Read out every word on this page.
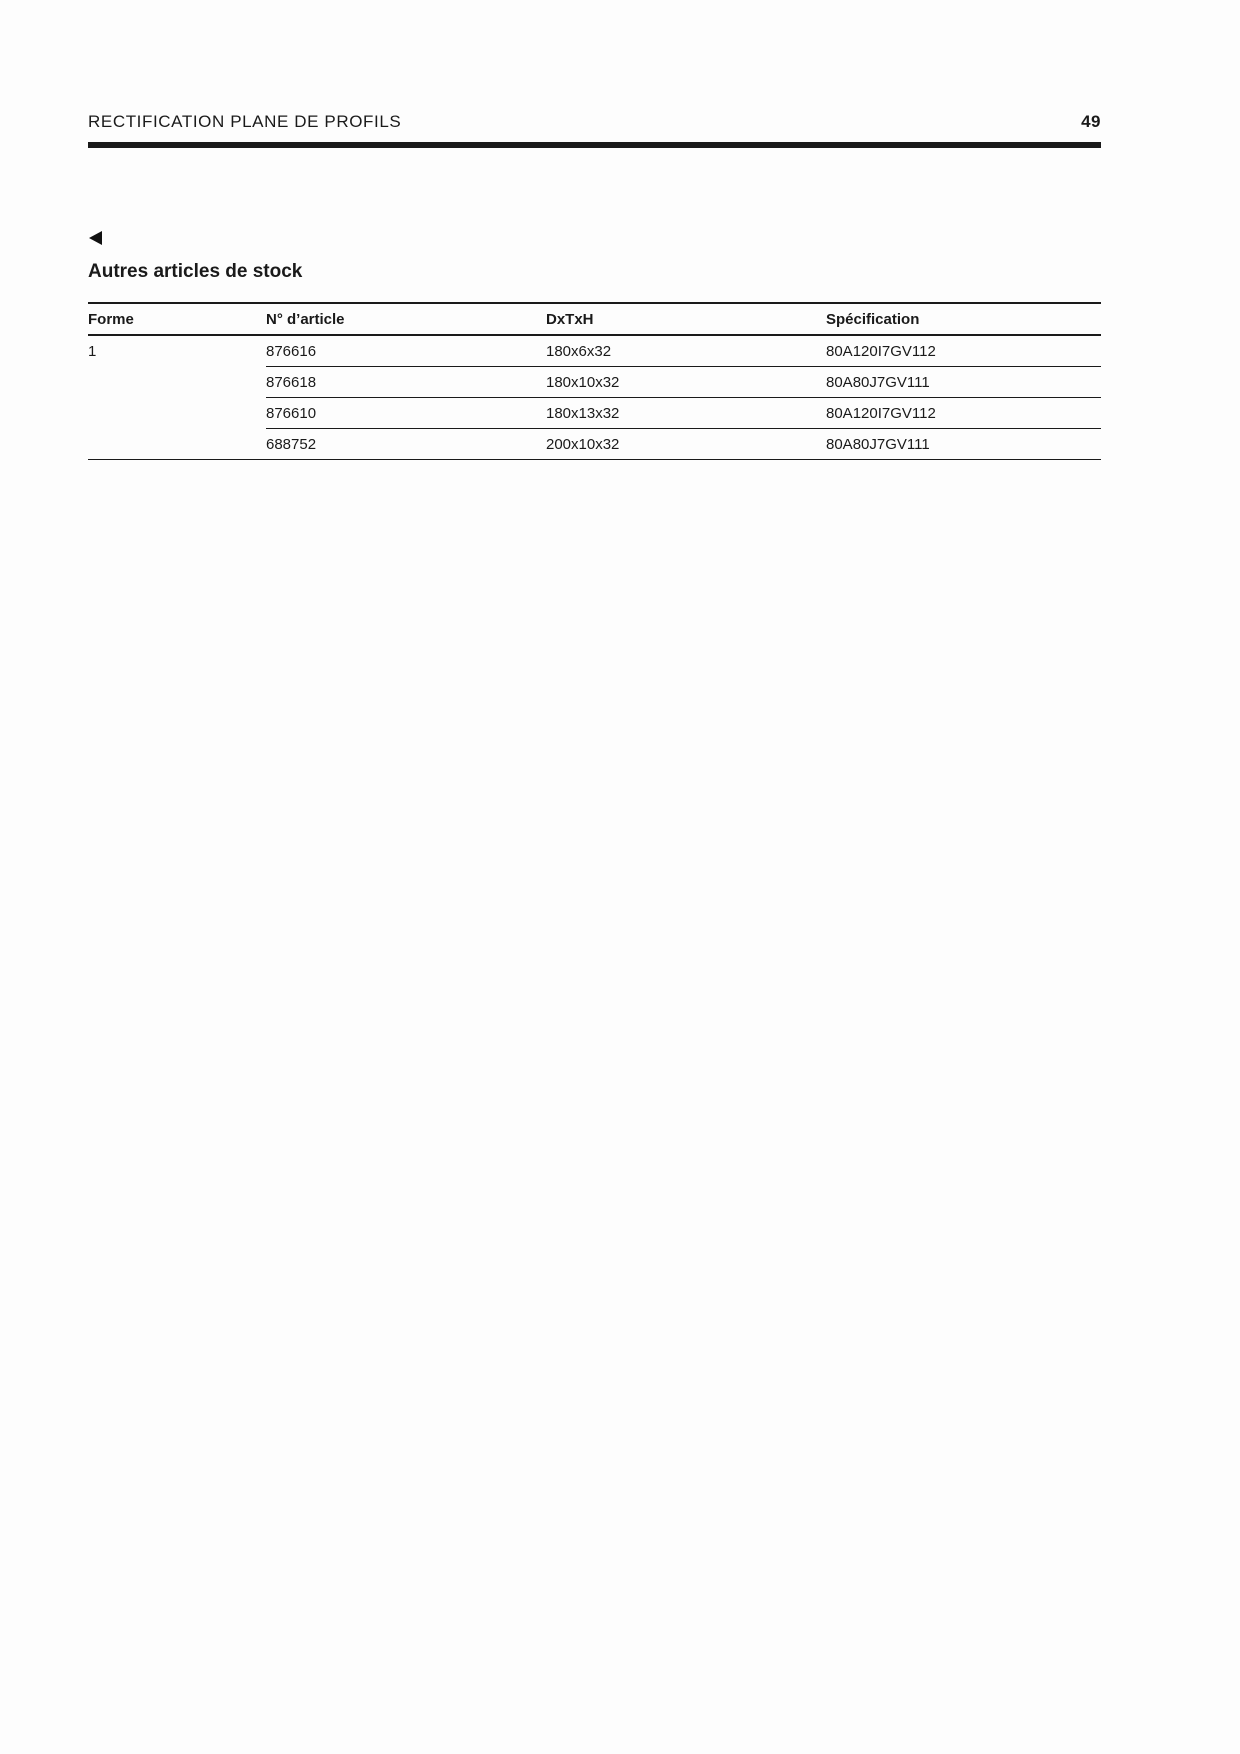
RECTIFICATION PLANE DE PROFILS	49
Autres articles de stock
Forme	N° d’article	DxTxH	Spécification
1	876616	180x6x32	80A120I7GV112
	876618	180x10x32	80A80J7GV111
	876610	180x13x32	80A120I7GV112
	688752	200x10x32	80A80J7GV111
